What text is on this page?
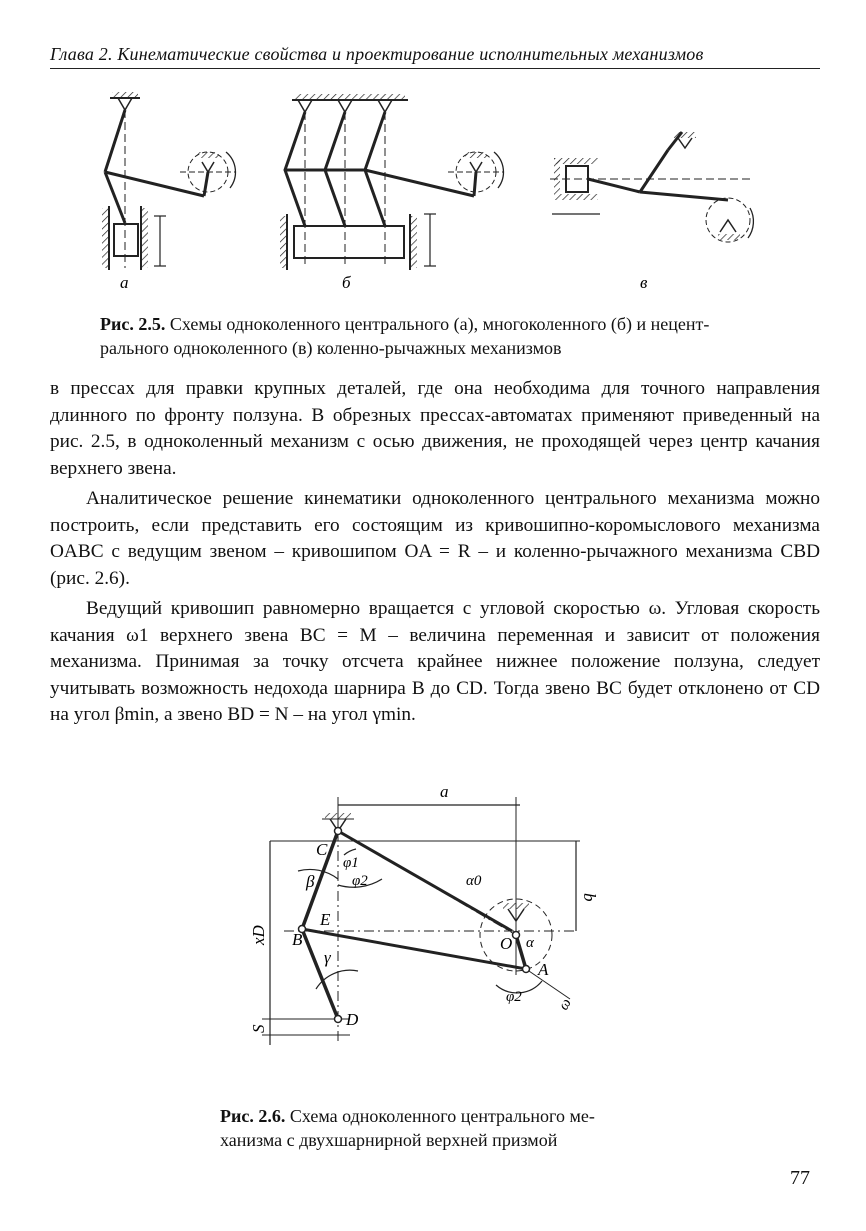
Глава 2. Кинематические свойства и проектирование исполнительных механизмов
а	б	в
Рис. 2.5. Схемы одноколенного центрального (а), многоколенного (б) и нецент-
рального одноколенного (в) коленно-рычажных механизмов

в прессах для правки крупных деталей, где она необходима для точного направления длинного по фронту ползуна. В обрезных прессах-автоматах применяют приведенный на рис. 2.5, в одноколенный механизм с осью движения, не проходящей через центр качания верхнего звена.

Аналитическое решение кинематики одноколенного центрального механизма можно построить, если представить его состоящим из кривошипно-коромыслового механизма OABC с ведущим звеном – кривошипом OA = R – и коленно-рычажного механизма CBD (рис. 2.6).

Ведущий кривошип равномерно вращается с угловой скоростью ω. Угловая скорость качания ω1 верхнего звена BC = M – величина переменная и зависит от положения механизма. Принимая за точку отсчета крайнее нижнее положение ползуна, следует учитывать возможность недохода шарнира B до CD. Тогда звено BC будет отклонено от CD на угол βmin, а звено BD = N – на угол γmin.

a
b
C
φ1
φ2
β	α0
E
B	O α
A
γ
φ2
xD
ω
S	D
Рис. 2.6. Схема одноколенного центрального ме-
ханизма с двухшарнирной верхней призмой
77
